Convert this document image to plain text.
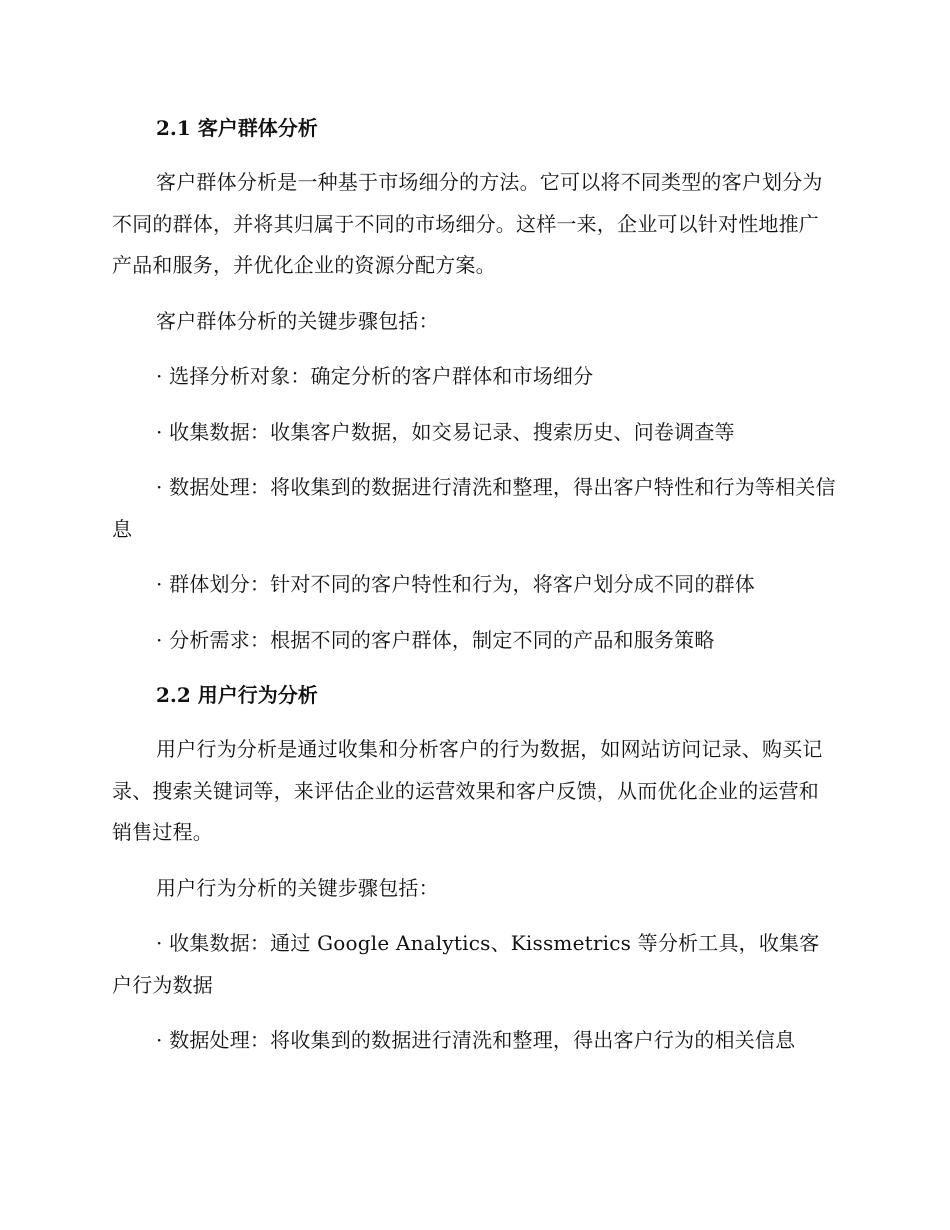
2.1 客户群体分析

客户群体分析是一种基于市场细分的方法。它可以将不同类型的客户划分为不同的群体，并将其归属于不同的市场细分。这样一来，企业可以针对性地推广产品和服务，并优化企业的资源分配方案。

客户群体分析的关键步骤包括：

· 选择分析对象：确定分析的客户群体和市场细分

· 收集数据：收集客户数据，如交易记录、搜索历史、问卷调查等

· 数据处理：将收集到的数据进行清洗和整理，得出客户特性和行为等相关信息

· 群体划分：针对不同的客户特性和行为，将客户划分成不同的群体

· 分析需求：根据不同的客户群体，制定不同的产品和服务策略

2.2 用户行为分析

用户行为分析是通过收集和分析客户的行为数据，如网站访问记录、购买记录、搜索关键词等，来评估企业的运营效果和客户反馈，从而优化企业的运营和销售过程。

用户行为分析的关键步骤包括：

· 收集数据：通过 Google Analytics、Kissmetrics 等分析工具，收集客户行为数据

· 数据处理：将收集到的数据进行清洗和整理，得出客户行为的相关信息
